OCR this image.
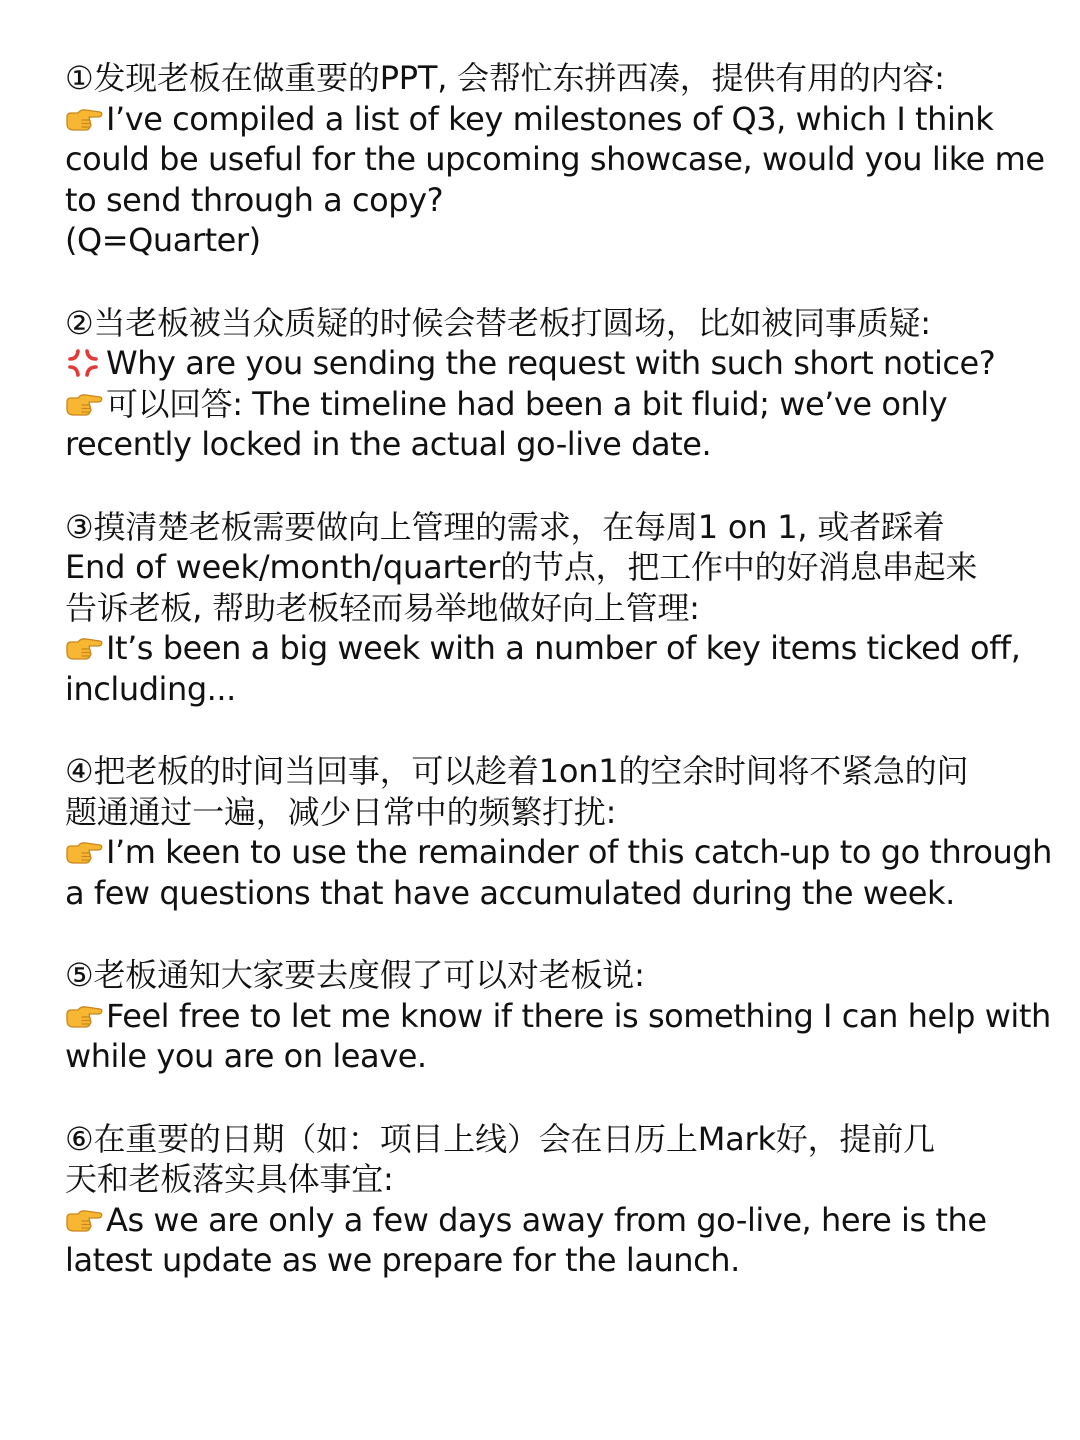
①发现老板在做重要的PPT, 会帮忙东拼西凑，提供有用的内容:
I’ve compiled a list of key milestones of Q3, which I think
could be useful for the upcoming showcase, would you like me
to send through a copy?
(Q=Quarter)
②当老板被当众质疑的时候会替老板打圆场，比如被同事质疑:
Why are you sending the request with such short notice?
可以回答: The timeline had been a bit fluid; we’ve only
recently locked in the actual go-live date.
③摸清楚老板需要做向上管理的需求，在每周1 on 1, 或者踩着
End of week/month/quarter的节点，把工作中的好消息串起来
告诉老板, 帮助老板轻而易举地做好向上管理:
It’s been a big week with a number of key items ticked off,
including...
④把老板的时间当回事，可以趁着1on1的空余时间将不紧急的问
题通通过一遍，减少日常中的频繁打扰:
I’m keen to use the remainder of this catch-up to go through
a few questions that have accumulated during the week.
⑤老板通知大家要去度假了可以对老板说:
Feel free to let me know if there is something I can help with
while you are on leave.
⑥在重要的日期（如：项目上线）会在日历上Mark好，提前几
天和老板落实具体事宜:
As we are only a few days away from go-live, here is the
latest update as we prepare for the launch.
